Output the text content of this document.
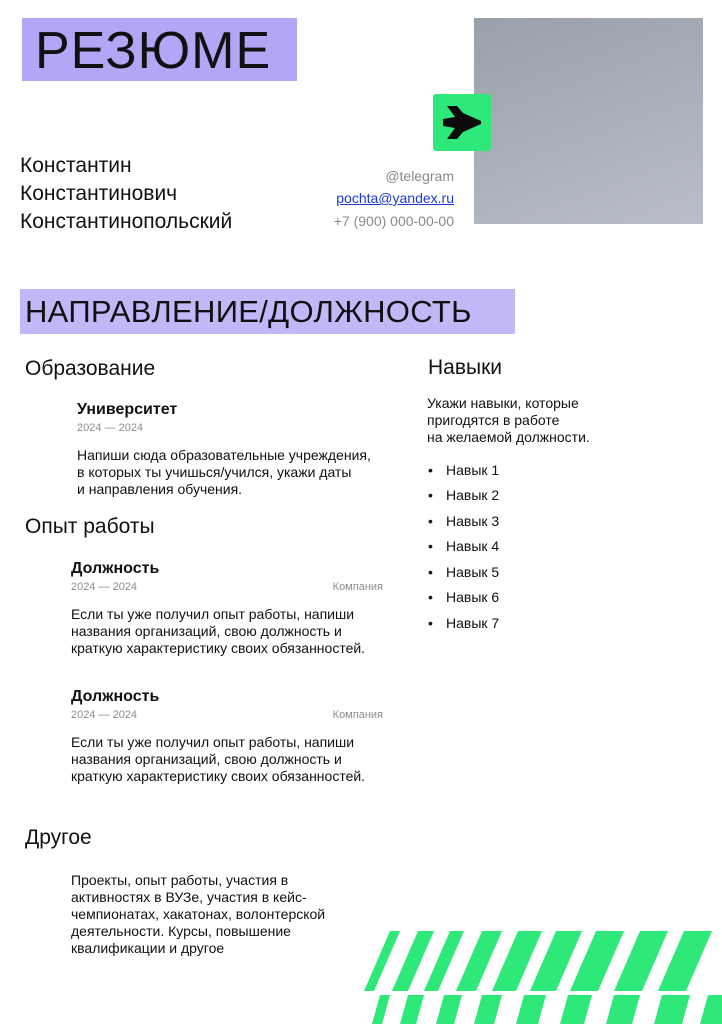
РЕЗЮМЕ
Константин
Константинович
Константинопольский
@telegram
pochta@yandex.ru
+7 (900) 000-00-00
НАПРАВЛЕНИЕ/ДОЛЖНОСТЬ
Образование
Университет
2024 — 2024
Напиши сюда образовательные учреждения,
в которых ты учишься/учился, укажи даты
и направления обучения.
Опыт работы
Должность
2024 — 2024	Компания
Если ты уже получил опыт работы, напиши
названия организаций, свою должность и
краткую характеристику своих обязанностей.
Должность
2024 — 2024	Компания
Если ты уже получил опыт работы, напиши
названия организаций, свою должность и
краткую характеристику своих обязанностей.
Другое
Проекты, опыт работы, участия в
активностях в ВУЗе, участия в кейс-
чемпионатах, хакатонах, волонтерской
деятельности. Курсы, повышение
квалификации и другое
Навыки
Укажи навыки, которые
пригодятся в работе
на желаемой должности.
• Навык 1
• Навык 2
• Навык 3
• Навык 4
• Навык 5
• Навык 6
• Навык 7
